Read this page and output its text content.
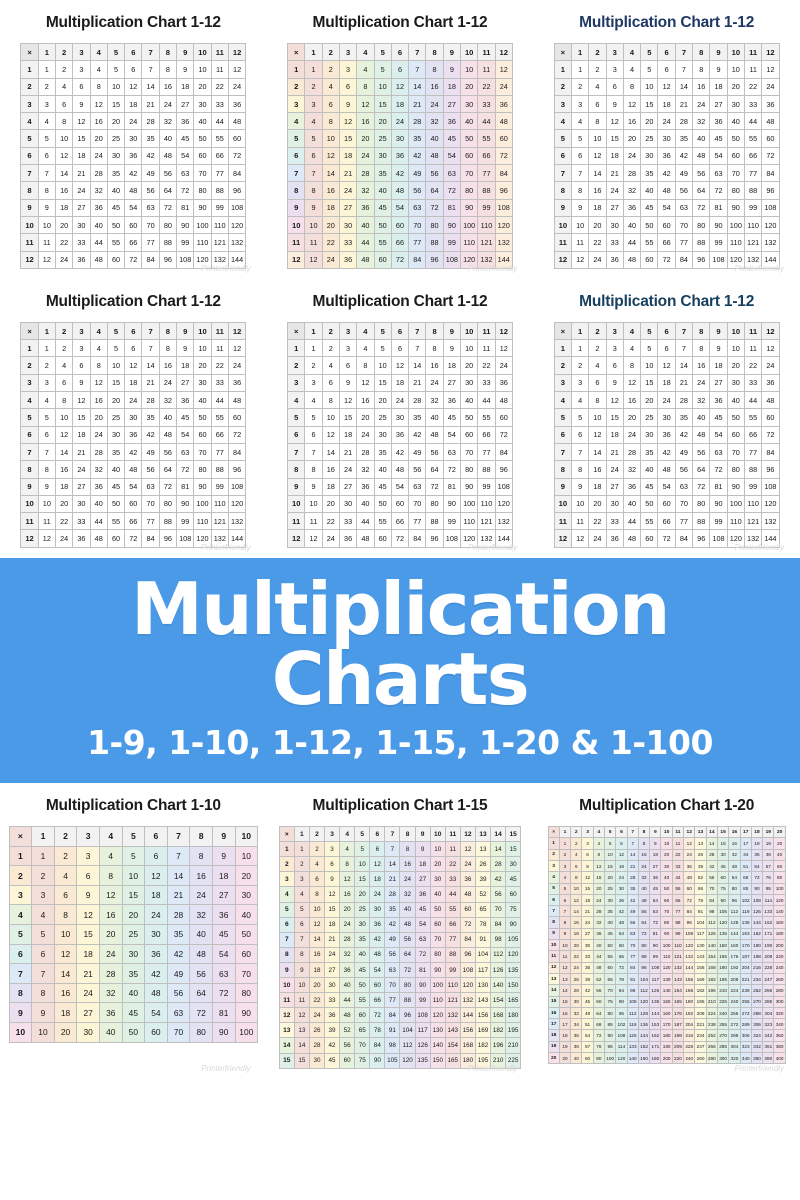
Multiplication Chart 1-12
×	1	2	3	4	5	6	7	8	9	10	11	12
1	1	2	3	4	5	6	7	8	9	10	11	12
2	2	4	6	8	10	12	14	16	18	20	22	24
3	3	6	9	12	15	18	21	24	27	30	33	36
4	4	8	12	16	20	24	28	32	36	40	44	48
5	5	10	15	20	25	30	35	40	45	50	55	60
6	6	12	18	24	30	36	42	48	54	60	66	72
7	7	14	21	28	35	42	49	56	63	70	77	84
8	8	16	24	32	40	48	56	64	72	80	88	96
9	9	18	27	36	45	54	63	72	81	90	99	108
10	10	20	30	40	50	60	70	80	90	100	110	120
11	11	22	33	44	55	66	77	88	99	110	121	132
12	12	24	36	48	60	72	84	96	108	120	132	144
Printerfriendly
Multiplication Chart 1-12
×	1	2	3	4	5	6	7	8	9	10	11	12
1	1	2	3	4	5	6	7	8	9	10	11	12
2	2	4	6	8	10	12	14	16	18	20	22	24
3	3	6	9	12	15	18	21	24	27	30	33	36
4	4	8	12	16	20	24	28	32	36	40	44	48
5	5	10	15	20	25	30	35	40	45	50	55	60
6	6	12	18	24	30	36	42	48	54	60	66	72
7	7	14	21	28	35	42	49	56	63	70	77	84
8	8	16	24	32	40	48	56	64	72	80	88	96
9	9	18	27	36	45	54	63	72	81	90	99	108
10	10	20	30	40	50	60	70	80	90	100	110	120
11	11	22	33	44	55	66	77	88	99	110	121	132
12	12	24	36	48	60	72	84	96	108	120	132	144
Printerfriendly
Multiplication Chart 1-12
×	1	2	3	4	5	6	7	8	9	10	11	12
1	1	2	3	4	5	6	7	8	9	10	11	12
2	2	4	6	8	10	12	14	16	18	20	22	24
3	3	6	9	12	15	18	21	24	27	30	33	36
4	4	8	12	16	20	24	28	32	36	40	44	48
5	5	10	15	20	25	30	35	40	45	50	55	60
6	6	12	18	24	30	36	42	48	54	60	66	72
7	7	14	21	28	35	42	49	56	63	70	77	84
8	8	16	24	32	40	48	56	64	72	80	88	96
9	9	18	27	36	45	54	63	72	81	90	99	108
10	10	20	30	40	50	60	70	80	90	100	110	120
11	11	22	33	44	55	66	77	88	99	110	121	132
12	12	24	36	48	60	72	84	96	108	120	132	144
Printerfriendly
Multiplication Chart 1-12
×	1	2	3	4	5	6	7	8	9	10	11	12
1	1	2	3	4	5	6	7	8	9	10	11	12
2	2	4	6	8	10	12	14	16	18	20	22	24
3	3	6	9	12	15	18	21	24	27	30	33	36
4	4	8	12	16	20	24	28	32	36	40	44	48
5	5	10	15	20	25	30	35	40	45	50	55	60
6	6	12	18	24	30	36	42	48	54	60	66	72
7	7	14	21	28	35	42	49	56	63	70	77	84
8	8	16	24	32	40	48	56	64	72	80	88	96
9	9	18	27	36	45	54	63	72	81	90	99	108
10	10	20	30	40	50	60	70	80	90	100	110	120
11	11	22	33	44	55	66	77	88	99	110	121	132
12	12	24	36	48	60	72	84	96	108	120	132	144
Printerfriendly
Multiplication Chart 1-12
×	1	2	3	4	5	6	7	8	9	10	11	12
1	1	2	3	4	5	6	7	8	9	10	11	12
2	2	4	6	8	10	12	14	16	18	20	22	24
3	3	6	9	12	15	18	21	24	27	30	33	36
4	4	8	12	16	20	24	28	32	36	40	44	48
5	5	10	15	20	25	30	35	40	45	50	55	60
6	6	12	18	24	30	36	42	48	54	60	66	72
7	7	14	21	28	35	42	49	56	63	70	77	84
8	8	16	24	32	40	48	56	64	72	80	88	96
9	9	18	27	36	45	54	63	72	81	90	99	108
10	10	20	30	40	50	60	70	80	90	100	110	120
11	11	22	33	44	55	66	77	88	99	110	121	132
12	12	24	36	48	60	72	84	96	108	120	132	144
Printerfriendly
Multiplication Chart 1-12
×	1	2	3	4	5	6	7	8	9	10	11	12
1	1	2	3	4	5	6	7	8	9	10	11	12
2	2	4	6	8	10	12	14	16	18	20	22	24
3	3	6	9	12	15	18	21	24	27	30	33	36
4	4	8	12	16	20	24	28	32	36	40	44	48
5	5	10	15	20	25	30	35	40	45	50	55	60
6	6	12	18	24	30	36	42	48	54	60	66	72
7	7	14	21	28	35	42	49	56	63	70	77	84
8	8	16	24	32	40	48	56	64	72	80	88	96
9	9	18	27	36	45	54	63	72	81	90	99	108
10	10	20	30	40	50	60	70	80	90	100	110	120
11	11	22	33	44	55	66	77	88	99	110	121	132
12	12	24	36	48	60	72	84	96	108	120	132	144
Printerfriendly
Multiplication Charts
1-9, 1-10, 1-12, 1-15, 1-20 & 1-100
Multiplication Chart 1-10
×	1	2	3	4	5	6	7	8	9	10
1	1	2	3	4	5	6	7	8	9	10
2	2	4	6	8	10	12	14	16	18	20
3	3	6	9	12	15	18	21	24	27	30
4	4	8	12	16	20	24	28	32	36	40
5	5	10	15	20	25	30	35	40	45	50
6	6	12	18	24	30	36	42	48	54	60
7	7	14	21	28	35	42	49	56	63	70
8	8	16	24	32	40	48	56	64	72	80
9	9	18	27	36	45	54	63	72	81	90
10	10	20	30	40	50	60	70	80	90	100
Printerfriendly
Multiplication Chart 1-15
×	1	2	3	4	5	6	7	8	9	10	11	12	13	14	15
1	1	2	3	4	5	6	7	8	9	10	11	12	13	14	15
2	2	4	6	8	10	12	14	16	18	20	22	24	26	28	30
3	3	6	9	12	15	18	21	24	27	30	33	36	39	42	45
4	4	8	12	16	20	24	28	32	36	40	44	48	52	56	60
5	5	10	15	20	25	30	35	40	45	50	55	60	65	70	75
6	6	12	18	24	30	36	42	48	54	60	66	72	78	84	90
7	7	14	21	28	35	42	49	56	63	70	77	84	91	98	105
8	8	16	24	32	40	48	56	64	72	80	88	96	104	112	120
9	9	18	27	36	45	54	63	72	81	90	99	108	117	126	135
10	10	20	30	40	50	60	70	80	90	100	110	120	130	140	150
11	11	22	33	44	55	66	77	88	99	110	121	132	143	154	165
12	12	24	36	48	60	72	84	96	108	120	132	144	156	168	180
13	13	26	39	52	65	78	91	104	117	130	143	156	169	182	195
14	14	28	42	56	70	84	98	112	126	140	154	168	182	196	210
15	15	30	45	60	75	90	105	120	135	150	165	180	195	210	225
Printerfriendly
Multiplication Chart 1-20
×	1	2	3	4	5	6	7	8	9	10	11	12	13	14	15	16	17	18	19	20
1	1	2	3	4	5	6	7	8	9	10	11	12	13	14	15	16	17	18	19	20
2	2	4	6	8	10	12	14	16	18	20	22	24	26	28	30	32	34	36	38	40
3	3	6	9	12	15	18	21	24	27	30	33	36	39	42	45	48	51	54	57	60
4	4	8	12	16	20	24	28	32	36	40	44	48	52	56	60	64	68	72	76	80
5	5	10	15	20	25	30	35	40	45	50	55	60	65	70	75	80	85	90	95	100
6	6	12	18	24	30	36	42	48	54	60	66	72	78	84	90	96	102	108	114	120
7	7	14	21	28	35	42	49	56	63	70	77	84	91	98	105	112	119	126	133	140
8	8	16	24	32	40	48	56	64	72	80	88	96	104	112	120	128	136	144	152	160
9	9	18	27	36	45	54	63	72	81	90	99	108	117	126	135	144	153	162	171	180
10	10	20	30	40	50	60	70	80	90	100	110	120	130	140	150	160	170	180	190	200
11	11	22	33	44	55	66	77	88	99	110	121	132	143	154	165	176	187	198	209	220
12	12	24	36	48	60	72	84	96	108	120	132	144	156	168	180	192	204	216	228	240
13	13	26	39	52	65	78	91	104	117	130	143	156	169	182	195	208	221	234	247	260
14	14	28	42	56	70	84	98	112	126	140	154	168	182	196	210	224	238	252	266	280
15	15	30	45	60	75	90	105	120	135	150	165	180	195	210	225	240	255	270	285	300
16	16	32	48	64	80	96	112	128	144	160	176	192	208	224	240	256	272	288	304	320
17	17	34	51	68	85	102	119	136	153	170	187	204	221	238	255	272	289	306	323	340
18	18	36	54	72	90	108	126	144	162	180	198	216	234	252	270	288	306	324	342	360
19	19	38	57	76	95	114	133	152	171	190	209	228	247	266	285	304	323	342	361	380
20	20	40	60	80	100	120	140	160	180	200	220	240	260	280	300	320	340	360	380	400
Printerfriendly
